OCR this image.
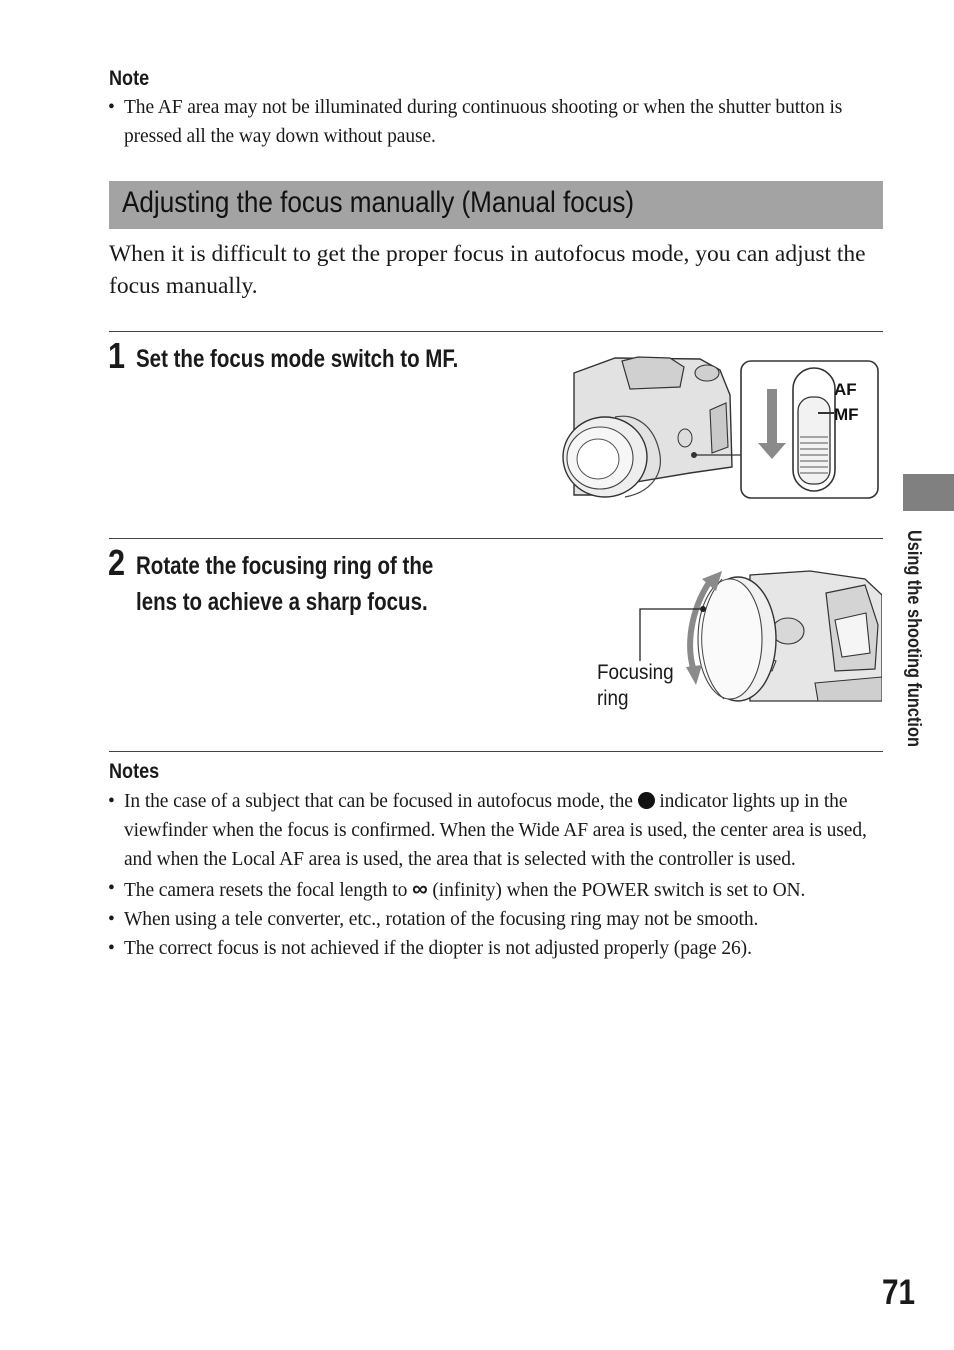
Note
• The AF area may not be illuminated during continuous shooting or when the shutter button is pressed all the way down without pause.
Adjusting the focus manually (Manual focus)
When it is difficult to get the proper focus in autofocus mode, you can adjust the focus manually.
1 Set the focus mode switch to MF.
AF
MF
2 Rotate the focusing ring of the
lens to achieve a sharp focus.
Focusing
ring
Notes
• In the case of a subject that can be focused in autofocus mode, the indicator lights up in the viewfinder when the focus is confirmed. When the Wide AF area is used, the center area is used, and when the Local AF area is used, the area that is selected with the controller is used.
• The camera resets the focal length to ∞ (infinity) when the POWER switch is set to ON.
• When using a tele converter, etc., rotation of the focusing ring may not be smooth.
• The correct focus is not achieved if the diopter is not adjusted properly (page 26).
Using the shooting function
71
